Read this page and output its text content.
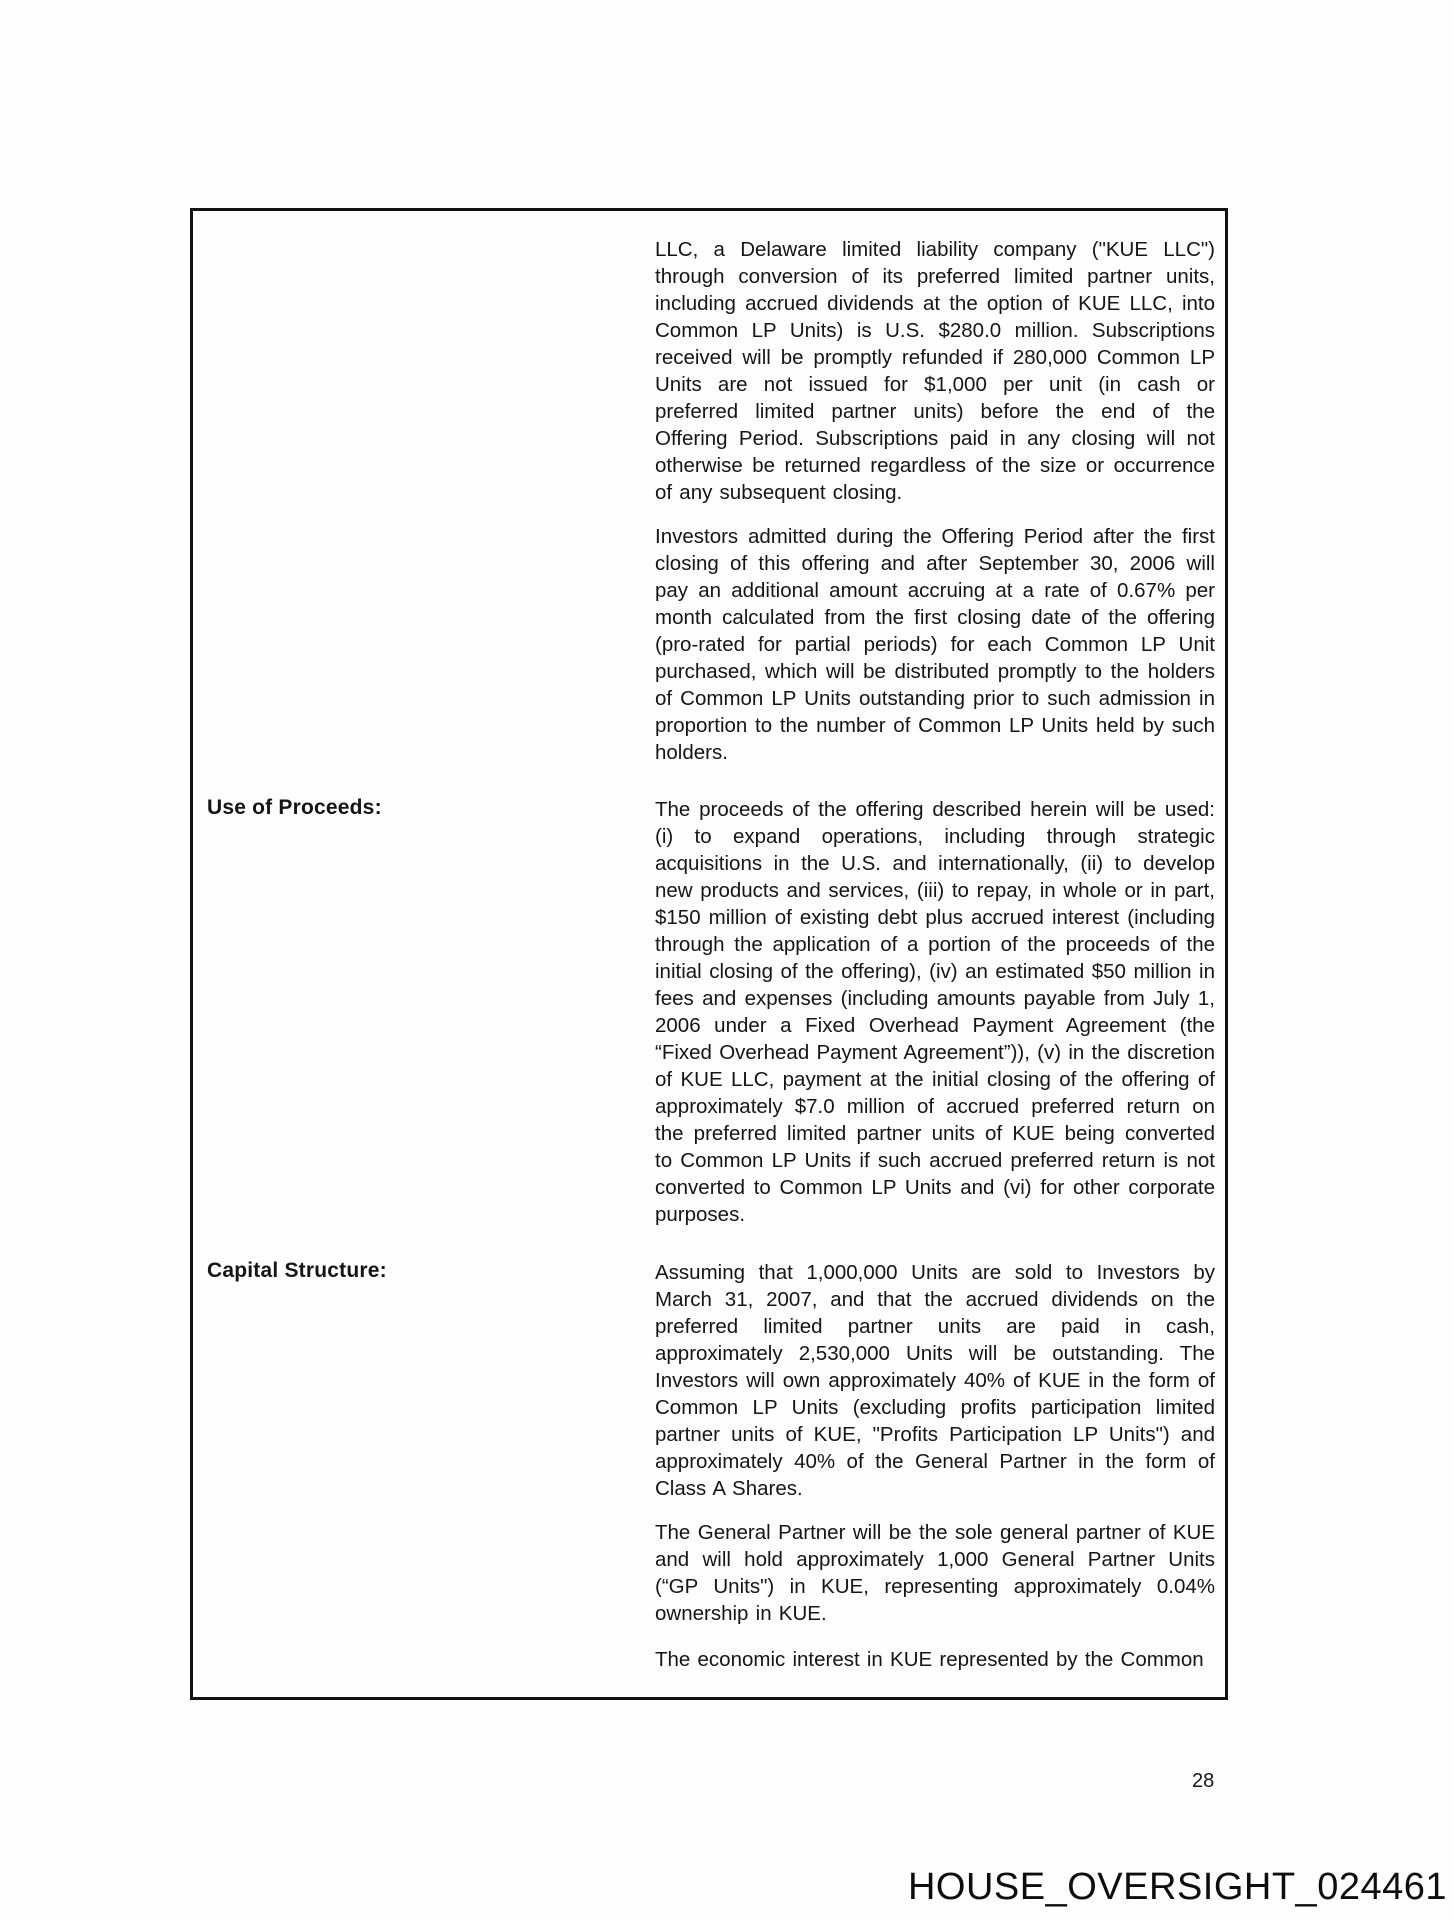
Use of Proceeds:
Capital Structure:
LLC, a Delaware limited liability company ("KUE LLC") through conversion of its preferred limited partner units, including accrued dividends at the option of KUE LLC, into Common LP Units) is U.S. $280.0 million. Subscriptions received will be promptly refunded if 280,000 Common LP Units are not issued for $1,000 per unit (in cash or preferred limited partner units) before the end of the Offering Period. Subscriptions paid in any closing will not otherwise be returned regardless of the size or occurrence of any subsequent closing.
Investors admitted during the Offering Period after the first closing of this offering and after September 30, 2006 will pay an additional amount accruing at a rate of 0.67% per month calculated from the first closing date of the offering (pro-rated for partial periods) for each Common LP Unit purchased, which will be distributed promptly to the holders of Common LP Units outstanding prior to such admission in proportion to the number of Common LP Units held by such holders.
The proceeds of the offering described herein will be used: (i) to expand operations, including through strategic acquisitions in the U.S. and internationally, (ii) to develop new products and services, (iii) to repay, in whole or in part, $150 million of existing debt plus accrued interest (including through the application of a portion of the proceeds of the initial closing of the offering), (iv) an estimated $50 million in fees and expenses (including amounts payable from July 1, 2006 under a Fixed Overhead Payment Agreement (the “Fixed Overhead Payment Agreement”)), (v) in the discretion of KUE LLC, payment at the initial closing of the offering of approximately $7.0 million of accrued preferred return on the preferred limited partner units of KUE being converted to Common LP Units if such accrued preferred return is not converted to Common LP Units and (vi) for other corporate purposes.
Assuming that 1,000,000 Units are sold to Investors by March 31, 2007, and that the accrued dividends on the preferred limited partner units are paid in cash, approximately 2,530,000 Units will be outstanding. The Investors will own approximately 40% of KUE in the form of Common LP Units (excluding profits participation limited partner units of KUE, "Profits Participation LP Units") and approximately 40% of the General Partner in the form of Class A Shares.
The General Partner will be the sole general partner of KUE and will hold approximately 1,000 General Partner Units (“GP Units") in KUE, representing approximately 0.04% ownership in KUE.
The economic interest in KUE represented by the Common
28
HOUSE_OVERSIGHT_024461
